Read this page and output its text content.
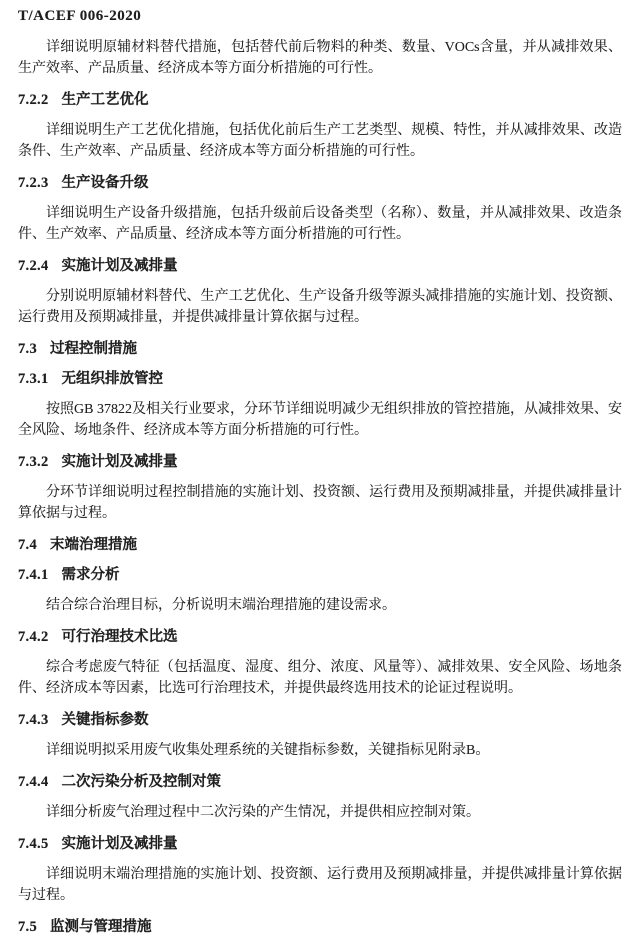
T/ACEF 006-2020

详细说明原辅材料替代措施，包括替代前后物料的种类、数量、VOCs含量，并从减排效果、生产效率、产品质量、经济成本等方面分析措施的可行性。

7.2.2 生产工艺优化

详细说明生产工艺优化措施，包括优化前后生产工艺类型、规模、特性，并从减排效果、改造条件、生产效率、产品质量、经济成本等方面分析措施的可行性。

7.2.3 生产设备升级

详细说明生产设备升级措施，包括升级前后设备类型（名称）、数量，并从减排效果、改造条件、生产效率、产品质量、经济成本等方面分析措施的可行性。

7.2.4 实施计划及减排量

分别说明原辅材料替代、生产工艺优化、生产设备升级等源头减排措施的实施计划、投资额、运行费用及预期减排量，并提供减排量计算依据与过程。

7.3 过程控制措施
7.3.1 无组织排放管控

按照GB 37822及相关行业要求，分环节详细说明减少无组织排放的管控措施，从减排效果、安全风险、场地条件、经济成本等方面分析措施的可行性。

7.3.2 实施计划及减排量

分环节详细说明过程控制措施的实施计划、投资额、运行费用及预期减排量，并提供减排量计算依据与过程。

7.4 末端治理措施
7.4.1 需求分析

结合综合治理目标，分析说明末端治理措施的建设需求。

7.4.2 可行治理技术比选

综合考虑废气特征（包括温度、湿度、组分、浓度、风量等）、减排效果、安全风险、场地条件、经济成本等因素，比选可行治理技术，并提供最终选用技术的论证过程说明。

7.4.3 关键指标参数

详细说明拟采用废气收集处理系统的关键指标参数，关键指标见附录B。

7.4.4 二次污染分析及控制对策

详细分析废气治理过程中二次污染的产生情况，并提供相应控制对策。

7.4.5 实施计划及减排量

详细说明末端治理措施的实施计划、投资额、运行费用及预期减排量，并提供减排量计算依据与过程。

7.5 监测与管理措施
